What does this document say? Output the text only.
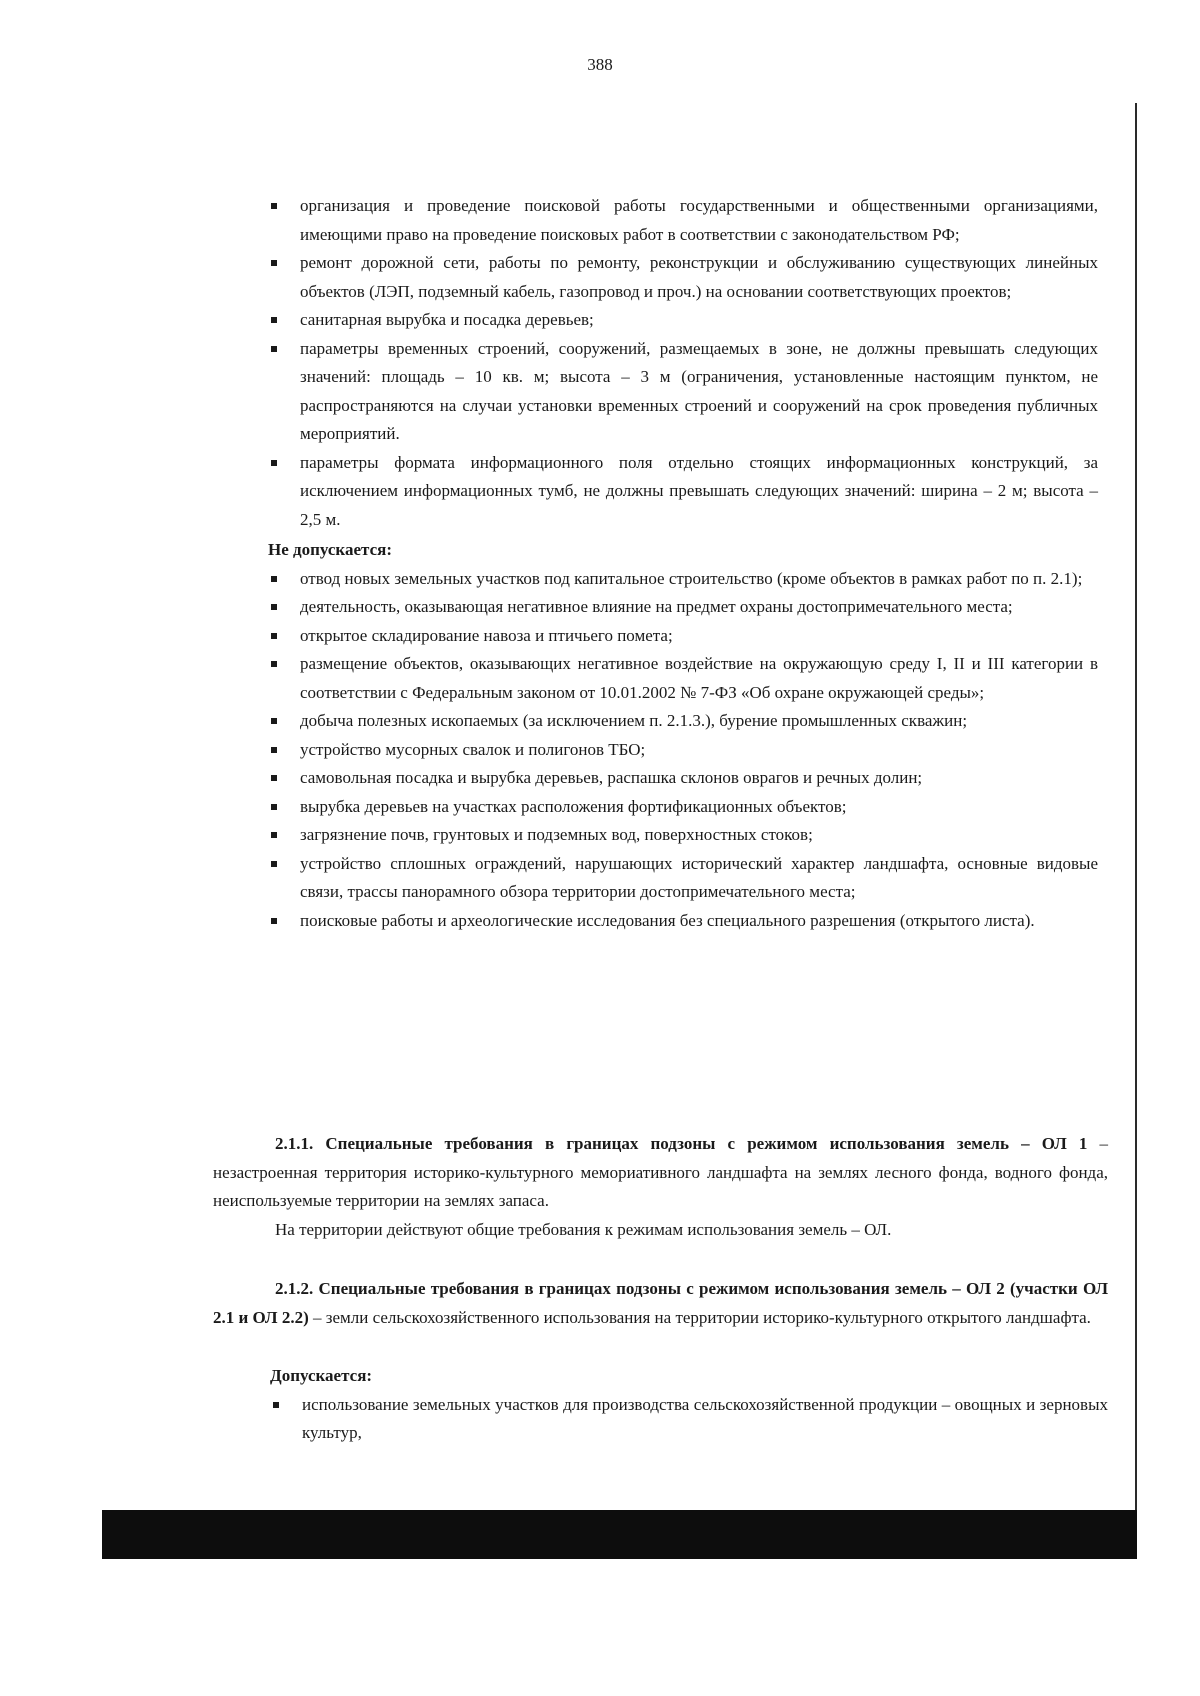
388
организация и проведение поисковой работы государственными и общественными организациями, имеющими право на проведение поисковых работ в соответствии с законодательством РФ;
ремонт дорожной сети, работы по ремонту, реконструкции и обслуживанию существующих линейных объектов (ЛЭП, подземный кабель, газопровод и проч.) на основании соответствующих проектов;
санитарная вырубка и посадка деревьев;
параметры временных строений, сооружений, размещаемых в зоне, не должны превышать следующих значений: площадь – 10 кв. м; высота – 3 м (ограничения, установленные настоящим пунктом, не распространяются на случаи установки временных строений и сооружений на срок проведения публичных мероприятий.
параметры формата информационного поля отдельно стоящих информационных конструкций, за исключением информационных тумб, не должны превышать следующих значений: ширина – 2 м; высота – 2,5 м.
Не допускается:
отвод новых земельных участков под капитальное строительство (кроме объектов в рамках работ по п. 2.1);
деятельность, оказывающая негативное влияние на предмет охраны достопримечательного места;
открытое складирование навоза и птичьего помета;
размещение объектов, оказывающих негативное воздействие на окружающую среду I, II и III категории в соответствии с Федеральным законом от 10.01.2002 № 7-ФЗ «Об охране окружающей среды»;
добыча полезных ископаемых (за исключением п. 2.1.3.), бурение промышленных скважин;
устройство мусорных свалок и полигонов ТБО;
самовольная посадка и вырубка деревьев, распашка склонов оврагов и речных долин;
вырубка деревьев на участках расположения фортификационных объектов;
загрязнение почв, грунтовых и подземных вод, поверхностных стоков;
устройство сплошных ограждений, нарушающих исторический характер ландшафта, основные видовые связи, трассы панорамного обзора территории достопримечательного места;
поисковые работы и археологические исследования без специального разрешения (открытого листа).
2.1.1. Специальные требования в границах подзоны с режимом использования земель – ОЛ 1 – незастроенная территория историко-культурного мемориативного ландшафта на землях лесного фонда, водного фонда, неиспользуемые территории на землях запаса.
На территории действуют общие требования к режимам использования земель – ОЛ.
2.1.2. Специальные требования в границах подзоны с режимом использования земель – ОЛ 2 (участки ОЛ 2.1 и ОЛ 2.2) – земли сельскохозяйственного использования на территории историко-культурного открытого ландшафта.
Допускается:
использование земельных участков для производства сельскохозяйственной продукции – овощных и зерновых культур,
